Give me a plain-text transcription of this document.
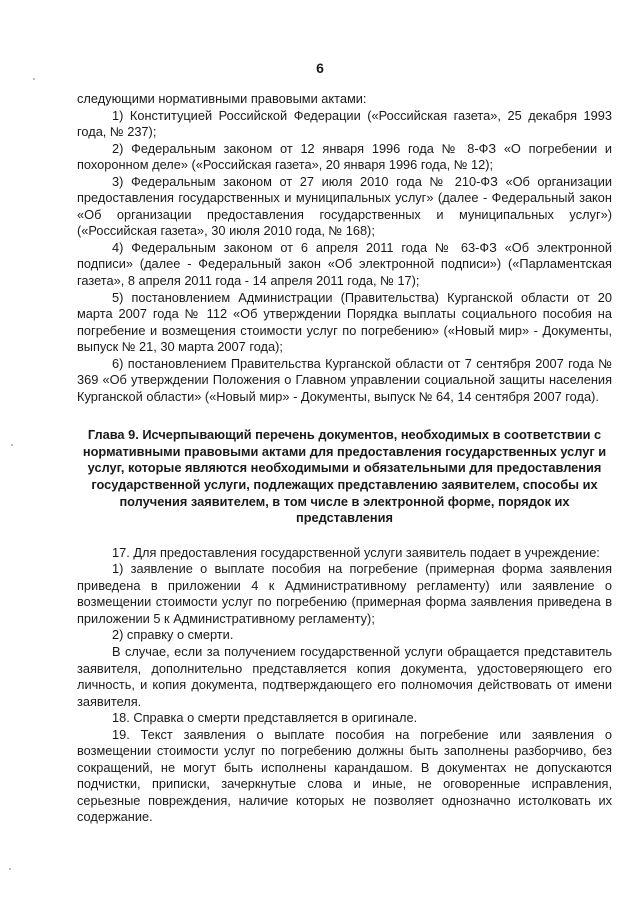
6

следующими нормативными правовыми актами:

1) Конституцией Российской Федерации («Российская газета», 25 декабря 1993 года, № 237);

2) Федеральным законом от 12 января 1996 года № 8-ФЗ «О погребении и похоронном деле» («Российская газета», 20 января 1996 года, № 12);

3) Федеральным законом от 27 июля 2010 года № 210-ФЗ «Об организации предоставления государственных и муниципальных услуг» (далее - Федеральный закон «Об организации предоставления государственных и муниципальных услуг») («Российская газета», 30 июля 2010 года, № 168);

4) Федеральным законом от 6 апреля 2011 года № 63-ФЗ «Об электронной подписи» (далее - Федеральный закон «Об электронной подписи») («Парламентская газета», 8 апреля 2011 года - 14 апреля 2011 года, № 17);

5) постановлением Администрации (Правительства) Курганской области от 20 марта 2007 года № 112 «Об утверждении Порядка выплаты социального пособия на погребение и возмещения стоимости услуг по погребению» («Новый мир» - Документы, выпуск № 21, 30 марта 2007 года);

6) постановлением Правительства Курганской области от 7 сентября 2007 года № 369 «Об утверждении Положения о Главном управлении социальной защиты населения Курганской области» («Новый мир» - Документы, выпуск № 64, 14 сентября 2007 года).

Глава 9. Исчерпывающий перечень документов, необходимых в соответствии с нормативными правовыми актами для предоставления государственных услуг и услуг, которые являются необходимыми и обязательными для предоставления государственной услуги, подлежащих представлению заявителем, способы их получения заявителем, в том числе в электронной форме, порядок их представления

17. Для предоставления государственной услуги заявитель подает в учреждение:

1) заявление о выплате пособия на погребение (примерная форма заявления приведена в приложении 4 к Административному регламенту) или заявление о возмещении стоимости услуг по погребению (примерная форма заявления приведена в приложении 5 к Административному регламенту);

2) справку о смерти.

В случае, если за получением государственной услуги обращается представитель заявителя, дополнительно представляется копия документа, удостоверяющего его личность, и копия документа, подтверждающего его полномочия действовать от имени заявителя.

18. Справка о смерти представляется в оригинале.

19. Текст заявления о выплате пособия на погребение или заявления о возмещении стоимости услуг по погребению должны быть заполнены разборчиво, без сокращений, не могут быть исполнены карандашом. В документах не допускаются подчистки, приписки, зачеркнутые слова и иные, не оговоренные исправления, серьезные повреждения, наличие которых не позволяет однозначно истолковать их содержание.
